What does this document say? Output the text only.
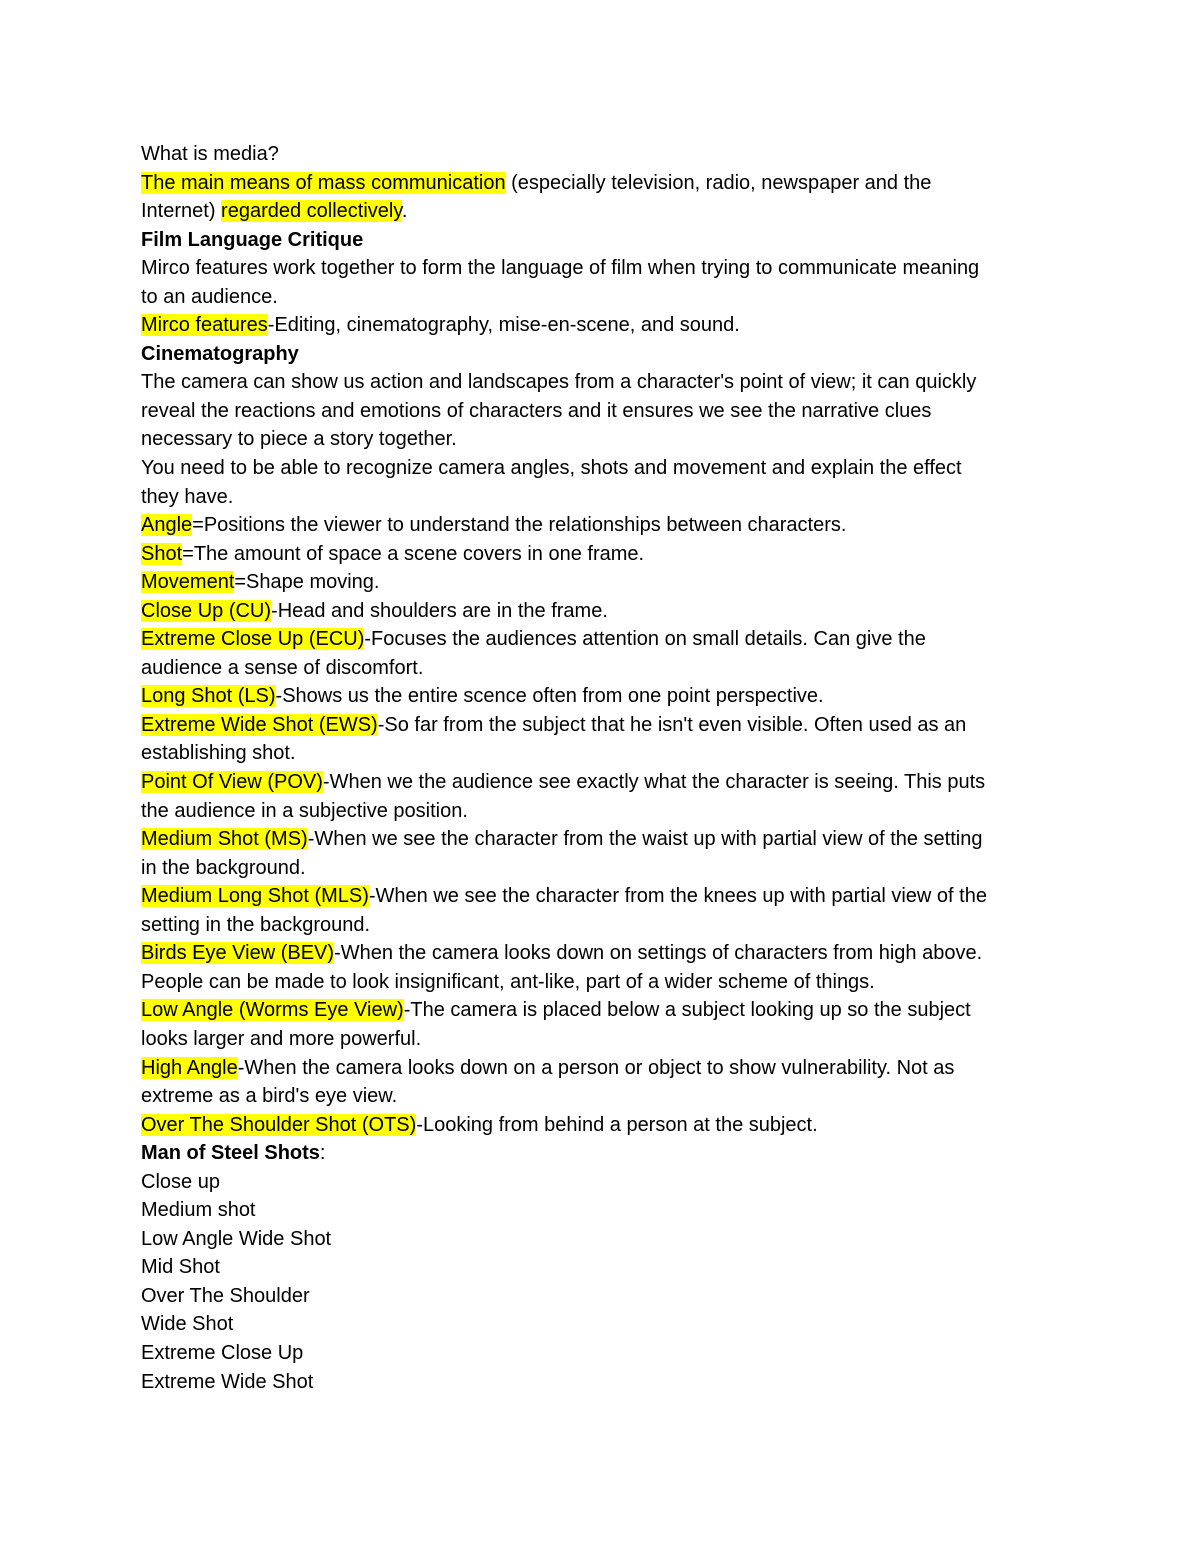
What is media?
The main means of mass communication (especially television, radio, newspaper and the
Internet) regarded collectively.
Film Language Critique
Mirco features work together to form the language of film when trying to communicate meaning
to an audience.
Mirco features-Editing, cinematography, mise-en-scene, and sound.
Cinematography
The camera can show us action and landscapes from a character's point of view; it can quickly
reveal the reactions and emotions of characters and it ensures we see the narrative clues
necessary to piece a story together.
You need to be able to recognize camera angles, shots and movement and explain the effect
they have.
Angle=Positions the viewer to understand the relationships between characters.
Shot=The amount of space a scene covers in one frame.
Movement=Shape moving.
Close Up (CU)-Head and shoulders are in the frame.
Extreme Close Up (ECU)-Focuses the audiences attention on small details. Can give the
audience a sense of discomfort.
Long Shot (LS)-Shows us the entire scence often from one point perspective.
Extreme Wide Shot (EWS)-So far from the subject that he isn't even visible. Often used as an
establishing shot.
Point Of View (POV)-When we the audience see exactly what the character is seeing. This puts
the audience in a subjective position.
Medium Shot (MS)-When we see the character from the waist up with partial view of the setting
in the background.
Medium Long Shot (MLS)-When we see the character from the knees up with partial view of the
setting in the background.
Birds Eye View (BEV)-When the camera looks down on settings of characters from high above.
People can be made to look insignificant, ant-like, part of a wider scheme of things.
Low Angle (Worms Eye View)-The camera is placed below a subject looking up so the subject
looks larger and more powerful.
High Angle-When the camera looks down on a person or object to show vulnerability. Not as
extreme as a bird's eye view.
Over The Shoulder Shot (OTS)-Looking from behind a person at the subject.
Man of Steel Shots:
Close up
Medium shot
Low Angle Wide Shot
Mid Shot
Over The Shoulder
Wide Shot
Extreme Close Up
Extreme Wide Shot
